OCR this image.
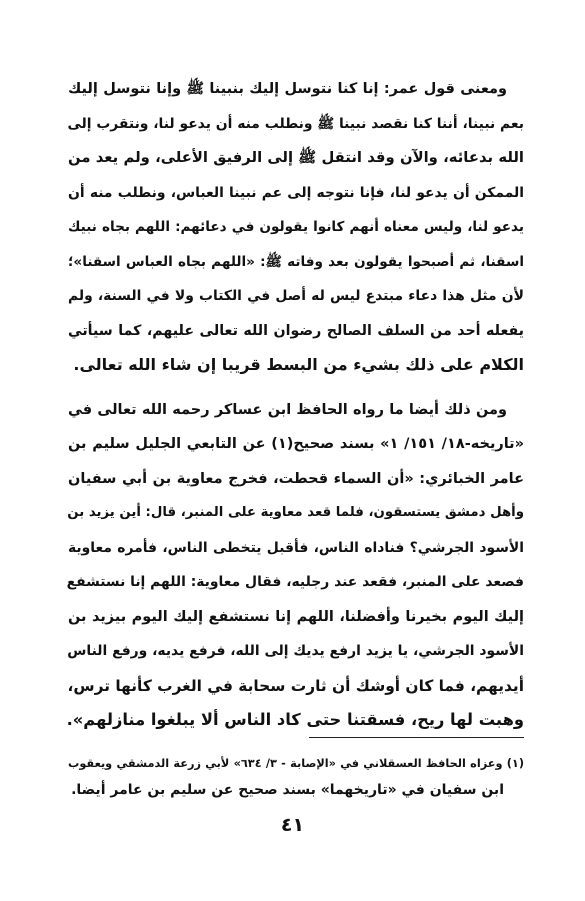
ومعنى قول عمر: إنا كنا نتوسل إليك بنبينا ﷺ وإنا نتوسل إليك
بعم نبينا، أننا كنا نقصد نبينا ﷺ ونطلب منه أن يدعو لنا، ونتقرب إلى
الله بدعائه، والآن وقد انتقل ﷺ إلى الرفيق الأعلى، ولم يعد من
الممكن أن يدعو لنا، فإنا نتوجه إلى عم نبينا العباس، ونطلب منه أن
يدعو لنا، وليس معناه أنهم كانوا يقولون في دعائهم: اللهم بجاه نبيك
اسقنا، ثم أصبحوا يقولون بعد وفاته ﷺ: «اللهم بجاه العباس اسقنا»؛
لأن مثل هذا دعاء مبتدع ليس له أصل في الكتاب ولا في السنة، ولم
يفعله أحد من السلف الصالح رضوان الله تعالى عليهم، كما سيأتي
الكلام على ذلك بشيء من البسط قريبا إن شاء الله تعالى.
ومن ذلك أيضا ما رواه الحافظ ابن عساكر رحمه الله تعالى في
«تاريخه-١٨/ ١٥١/ ١» بسند صحيح(١) عن التابعي الجليل سليم بن
عامر الخبائري: «أن السماء قحطت، فخرج معاوية بن أبي سفيان
وأهل دمشق يستسقون، فلما قعد معاوية على المنبر، قال: أين يزيد بن
الأسود الجرشي؟ فناداه الناس، فأقبل يتخطى الناس، فأمره معاوية
فصعد على المنبر، فقعد عند رجليه، فقال معاوية: اللهم إنا نستشفع
إليك اليوم بخيرنا وأفضلنا، اللهم إنا نستشفع إليك اليوم بيزيد بن
الأسود الجرشي، يا يزيد ارفع يديك إلى الله، فرفع يديه، ورفع الناس
أيديهم، فما كان أوشك أن ثارت سحابة في الغرب كأنها ترس،
وهبت لها ريح، فسقتنا حتى كاد الناس ألا يبلغوا منازلهم».
(١) وعزاه الحافظ العسقلاني في «الإصابة - ٣/ ٦٣٤» لأبي زرعة الدمشقي ويعقوب
ابن سفيان في «تاريخهما» بسند صحيح عن سليم بن عامر أيضا.
٤١
